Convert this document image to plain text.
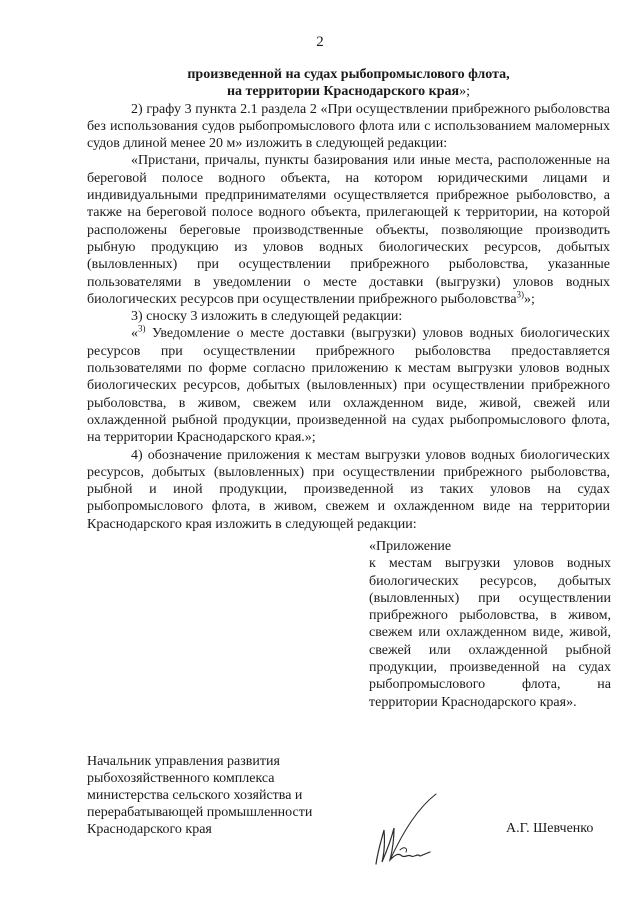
2

произведенной на судах рыбопромыслового флота,

на территории Краснодарского края»;

2) графу 3 пункта 2.1 раздела 2 «При осуществлении прибрежного рыболовства без использования судов рыбопромыслового флота или с использованием маломерных судов длиной менее 20 м» изложить в следующей редакции:

«Пристани, причалы, пункты базирования или иные места, расположенные на береговой полосе водного объекта, на котором юридическими лицами и индивидуальными предпринимателями осуществляется прибрежное рыболовство, а также на береговой полосе водного объекта, прилегающей к территории, на которой расположены береговые производственные объекты, позволяющие производить рыбную продукцию из уловов водных биологических ресурсов, добытых (выловленных) при осуществлении прибрежного рыболовства, указанные пользователями в уведомлении о месте доставки (выгрузки) уловов водных биологических ресурсов при осуществлении прибрежного рыболовства$^{3)}$»;

3) сноску 3 изложить в следующей редакции:

«$^{3)}$ Уведомление о месте доставки (выгрузки) уловов водных биологических ресурсов при осуществлении прибрежного рыболовства предоставляется пользователями по форме согласно приложению к местам выгрузки уловов водных биологических ресурсов, добытых (выловленных) при осуществлении прибрежного рыболовства, в живом, свежем или охлажденном виде, живой, свежей или охлажденной рыбной продукции, произведенной на судах рыбопромыслового флота, на территории Краснодарского края.»;

4) обозначение приложения к местам выгрузки уловов водных биологических ресурсов, добытых (выловленных) при осуществлении прибрежного рыболовства, рыбной и иной продукции, произведенной из таких уловов на судах рыбопромыслового флота, в живом, свежем и охлажденном виде на территории Краснодарского края изложить в следующей редакции:

«Приложение

к местам выгрузки уловов водных биологических ресурсов, добытых (выловленных) при осуществлении прибрежного рыболовства, в живом, свежем или охлажденном виде, живой, свежей или охлажденной рыбной продукции, произведенной на судах рыбопромыслового флота, на территории Краснодарского края».

Начальник управления развития
рыбохозяйственного комплекса
министерства сельского хозяйства и
перерабатывающей промышленности
Краснодарского края	А.Г. Шевченко
